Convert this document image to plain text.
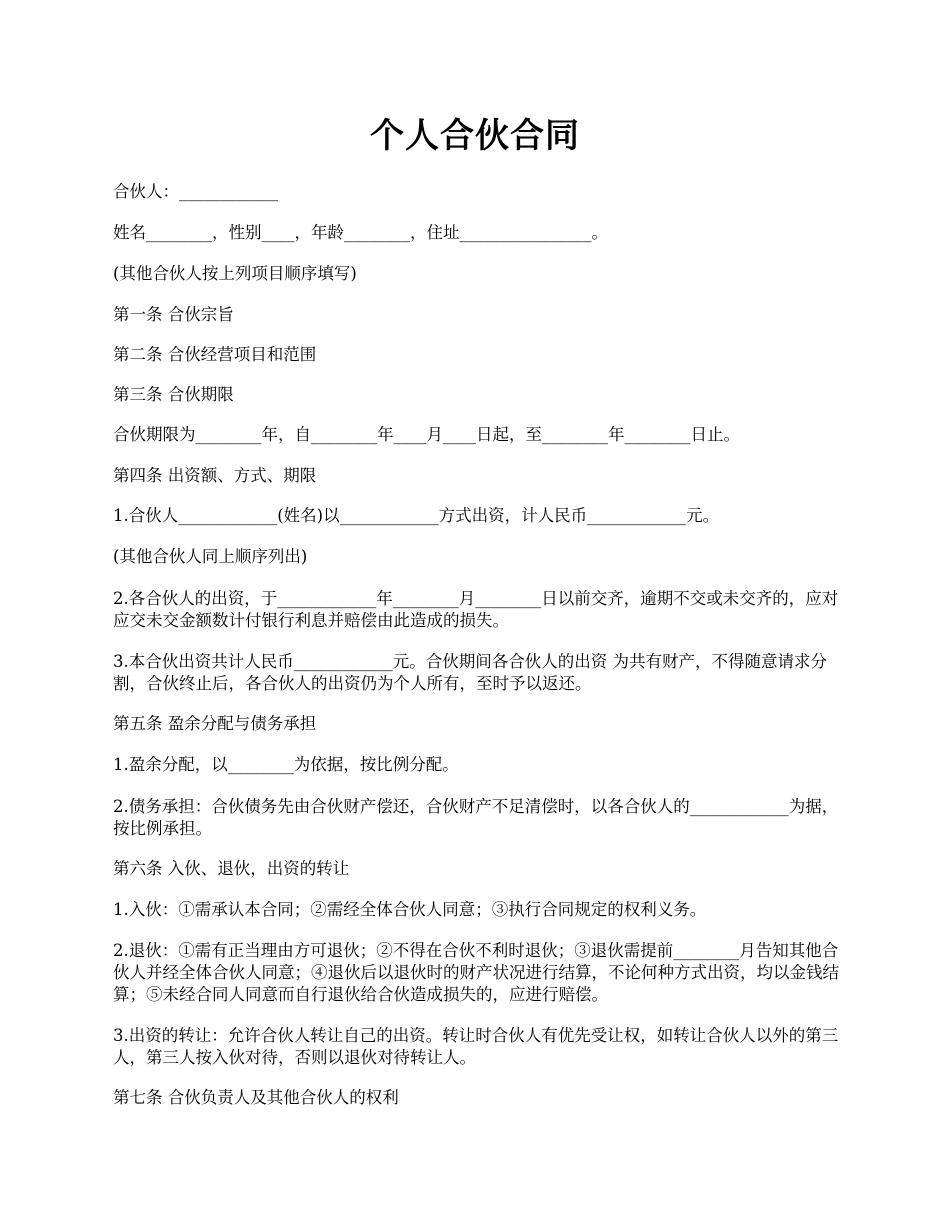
个人合伙合同
合伙人：____________
姓名________，性别____，年龄________，住址________________。
(其他合伙人按上列项目顺序填写)
第一条 合伙宗旨
第二条 合伙经营项目和范围
第三条 合伙期限
合伙期限为________年，自________年____月____日起，至________年________日止。
第四条 出资额、方式、期限
1.合伙人____________(姓名)以____________方式出资，计人民币____________元。
(其他合伙人同上顺序列出)
2.各合伙人的出资，于____________年________月________日以前交齐，逾期不交或未交齐的，应对应交未交金额数计付银行利息并赔偿由此造成的损失。
3.本合伙出资共计人民币____________元。合伙期间各合伙人的出资 为共有财产，不得随意请求分割，合伙终止后，各合伙人的出资仍为个人所有，至时予以返还。
第五条 盈余分配与债务承担
1.盈余分配，以________为依据，按比例分配。
2.债务承担：合伙债务先由合伙财产偿还，合伙财产不足清偿时，以各合伙人的____________为据，按比例承担。
第六条 入伙、退伙，出资的转让
1.入伙：①需承认本合同；②需经全体合伙人同意；③执行合同规定的权利义务。
2.退伙：①需有正当理由方可退伙；②不得在合伙不利时退伙；③退伙需提前________月告知其他合伙人并经全体合伙人同意；④退伙后以退伙时的财产状况进行结算，不论何种方式出资，均以金钱结算；⑤未经合同人同意而自行退伙给合伙造成损失的，应进行赔偿。
3.出资的转让：允许合伙人转让自己的出资。转让时合伙人有优先受让权，如转让合伙人以外的第三人，第三人按入伙对待，否则以退伙对待转让人。
第七条 合伙负责人及其他合伙人的权利
